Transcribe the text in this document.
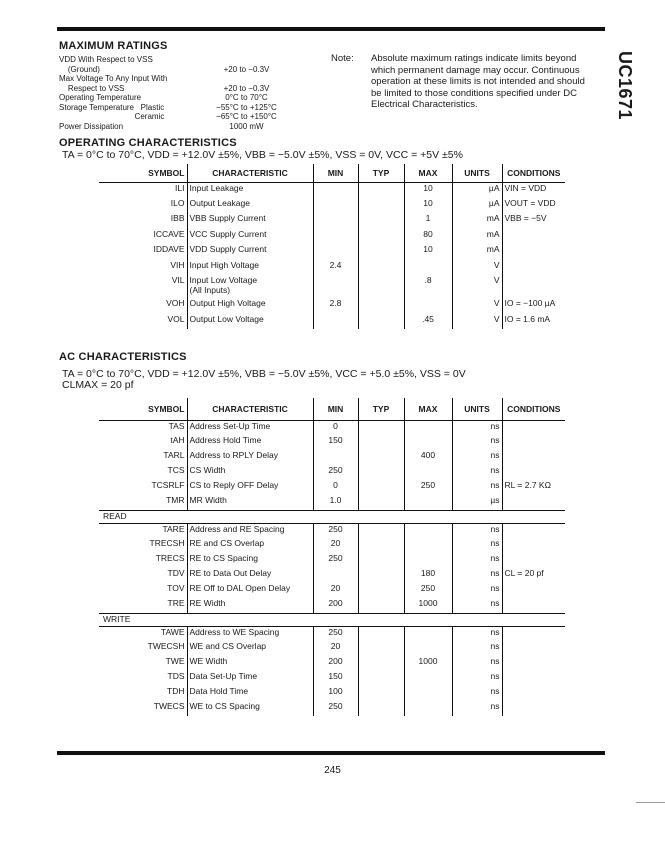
UC1671
MAXIMUM RATINGS
VDD With Respect to VSS
(Ground)	+20 to −0.3V
Max Voltage To Any Input With
Respect to VSS	+20 to −0.3V
Operating Temperature	0°C to 70°C
Storage Temperature   Plastic	−55°C to +125°C
Ceramic	−65°C to +150°C
Power Dissipation	1000 mW
Note: Absolute maximum ratings indicate limits beyond
which permanent damage may occur. Continuous
operation at these limits is not intended and should
be limited to those conditions specified under DC
Electrical Characteristics.
OPERATING CHARACTERISTICS
TA = 0°C to 70°C, VDD = +12.0V ±5%, VBB = −5.0V ±5%, VSS = 0V, VCC = +5V ±5%
SYMBOL	CHARACTERISTIC	MIN	TYP	MAX	UNITS	CONDITIONS
ILI	Input Leakage			10	µA	VIN = VDD
ILO	Output Leakage			10	µA	VOUT = VDD
IBB	VBB Supply Current			1	mA	VBB = −5V
ICCAVE	VCC Supply Current			80	mA	
IDDAVE	VDD Supply Current			10	mA	
VIH	Input High Voltage	2.4			V	
VIL	Input Low Voltage
(All Inputs)			.8	V	
VOH	Output High Voltage	2.8			V	IO = −100 µA
VOL	Output Low Voltage			.45	V	IO = 1.6 mA
AC CHARACTERISTICS
TA = 0°C to 70°C, VDD = +12.0V ±5%, VBB = −5.0V ±5%, VCC = +5.0 ±5%, VSS = 0V
CLMAX = 20 pf
SYMBOL	CHARACTERISTIC	MIN	TYP	MAX	UNITS	CONDITIONS
TAS	Address Set-Up Time	0			ns	
tAH	Address Hold Time	150			ns	
TARL	Address to RPLY Delay			400	ns	
TCS	CS Width	250			ns	
TCSRLF	CS to Reply OFF Delay	0		250	ns	RL = 2.7 KΩ
TMR	MR Width	1.0			µs	
READ						
TARE	Address and RE Spacing	250			ns	
TRECSH	RE and CS Overlap	20			ns	
TRECS	RE to CS Spacing	250			ns	
TDV	RE to Data Out Delay			180	ns	CL = 20 pf
TOV	RE Off to DAL Open Delay	20		250	ns	
TRE	RE Width	200		1000	ns	
WRITE						
TAWE	Address to WE Spacing	250			ns	
TWECSH	WE and CS Overlap	20			ns	
TWE	WE Width	200		1000	ns	
TDS	Data Set-Up Time	150			ns	
TDH	Data Hold Time	100			ns	
TWECS	WE to CS Spacing	250			ns	
245
